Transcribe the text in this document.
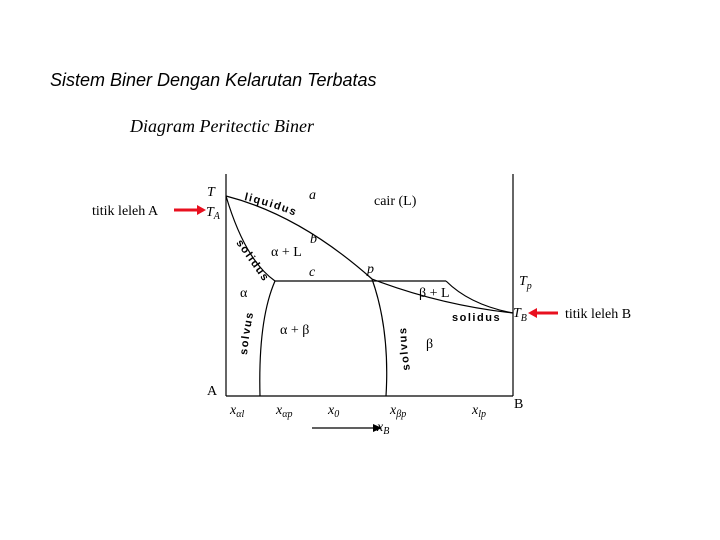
Sistem Biner Dengan Kelarutan Terbatas
Diagram Peritectic Biner
titik leleh A
titik leleh B
T
$T_A$
$T_p$
$T_B$
a
b
c	p
cair (L)
α + L
β + L
α
β
α + β
liquidus
solidus
solvus	solidus
solvus
A
B
$x_{\alpha l}$ $x_{\alpha p}$	$x_0$	$x_{\beta p}$	$x_{lp}$
$x_B$
